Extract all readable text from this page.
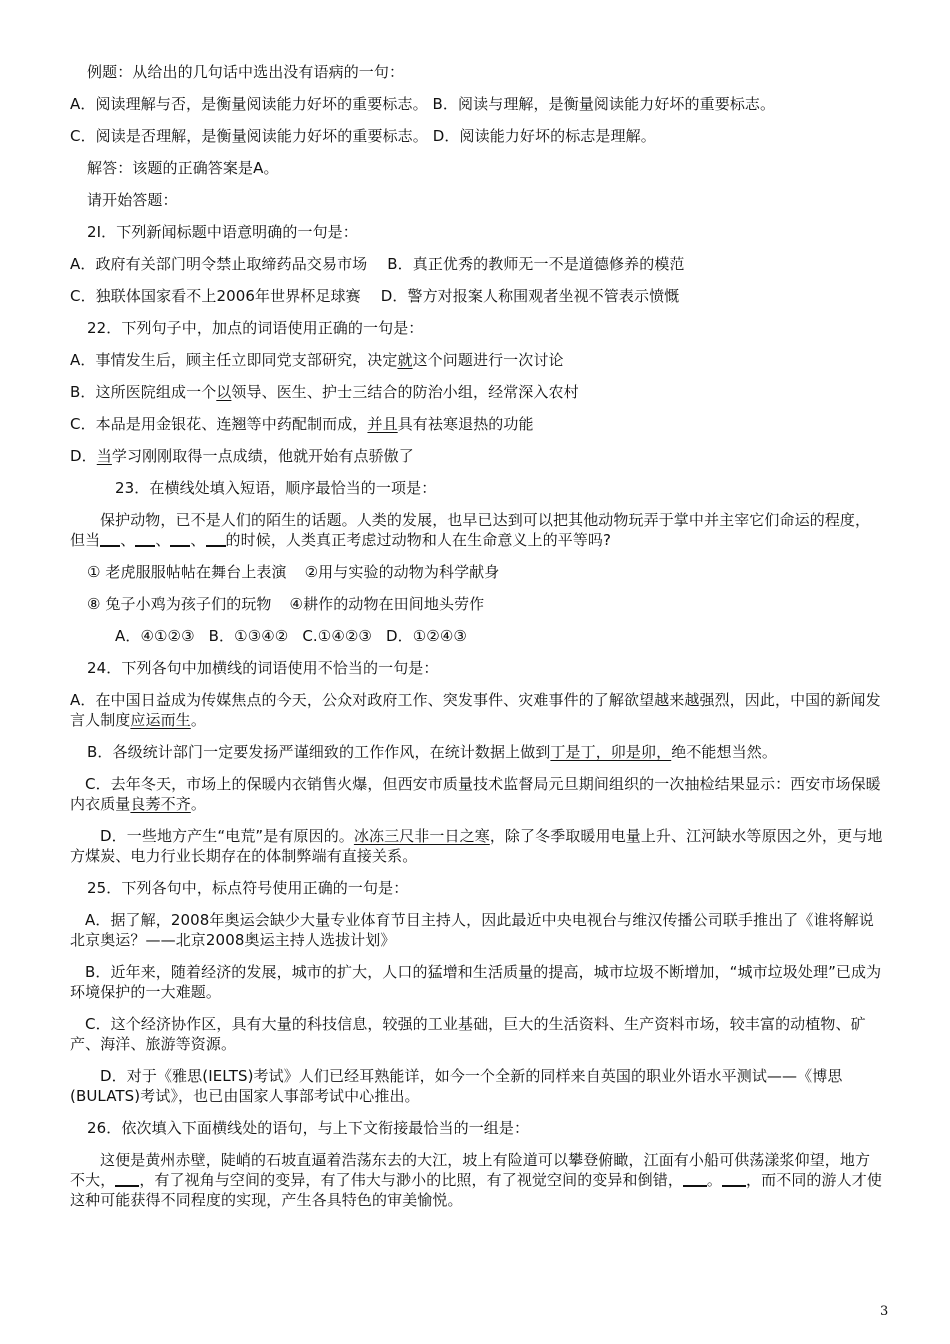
例题：从给出的几句话中选出没有语病的一句：

A．阅读理解与否，是衡量阅读能力好坏的重要标志。 B．阅读与理解，是衡量阅读能力好坏的重要标志。

C．阅读是否理解，是衡量阅读能力好坏的重要标志。 D．阅读能力好坏的标志是理解。

解答：该题的正确答案是A。

请开始答题：

2I．下列新闻标题中语意明确的一句是：

A．政府有关部门明令禁止取缔药品交易市场　 B．真正优秀的教师无一不是道德修养的模范

C．独联体国家看不上2006年世界杯足球赛　 D．警方对报案人称围观者坐视不管表示愤慨

22．下列句子中，加点的词语使用正确的一句是：

A．事情发生后，顾主任立即同党支部研究，决定就这个问题进行一次讨论

B．这所医院组成一个以领导、医生、护士三结合的防治小组，经常深入农村

C．本品是用金银花、连翘等中药配制而成，并且具有祛寒退热的功能

D．当学习刚刚取得一点成绩，他就开始有点骄傲了

23．在横线处填入短语，顺序最恰当的一项是：

保护动物，已不是人们的陌生的话题。人类的发展，也早已达到可以把其他动物玩弄于掌中并主宰它们命运的程度，　但当 、 、 、 的时候，人类真正考虑过动物和人在生命意义上的平等吗?

① 老虎服服帖帖在舞台上表演 ②用与实验的动物为科学献身

⑧ 兔子小鸡为孩子们的玩物 ④耕作的动物在田间地头劳作

A．④①②③ B．①③④② C.①④②③ D．①②④③

24．下列各句中加横线的词语使用不恰当的一句是：

A．在中国日益成为传媒焦点的今天，公众对政府工作、突发事件、灾难事件的了解欲望越来越强烈，因此，中国的新闻发言人制度应运而生。

B．各级统计部门一定要发扬严谨细致的工作作风，在统计数据上做到丁是丁，卯是卯，绝不能想当然。

C．去年冬天，市场上的保暖内衣销售火爆，但西安市质量技术监督局元旦期间组织的一次抽检结果显示：西安市场保暖内衣质量良莠不齐。

D．一些地方产生“电荒”是有原因的。冰冻三尺非一日之寒，除了冬季取暖用电量上升、江河缺水等原因之外，更与地方煤炭、电力行业长期存在的体制弊端有直接关系。

25．下列各句中，标点符号使用正确的一句是：

A．据了解，2008年奥运会缺少大量专业体育节目主持人，因此最近中央电视台与维汉传播公司联手推出了《谁将解说北京奥运？——北京2008奥运主持人选拔计划》

B．近年来，随着经济的发展，城市的扩大，人口的猛增和生活质量的提高，城市垃圾不断增加，“城市垃圾处理”已成为环境保护的一大难题。

C．这个经济协作区，具有大量的科技信息，较强的工业基础，巨大的生活资料、生产资料市场，较丰富的动植物、矿产、海洋、旅游等资源。

D．对于《雅思(IELTS)考试》人们已经耳熟能详，如今一个全新的同样来自英国的职业外语水平测试——《博思(BULATS)考试》，也已由国家人事部考试中心推出。

26．依次填入下面横线处的语句，与上下文衔接最恰当的一组是：

这便是黄州赤壁，陡峭的石坡直逼着浩荡东去的大江，坡上有险道可以攀登俯瞰，江面有小船可供荡漾浆仰望，地方不大， ，有了视角与空间的变异，有了伟大与渺小的比照，有了视觉空间的变异和倒错， 。 ，而不同的游人才使这种可能获得不同程度的实现，产生各具特色的审美愉悦。

3
